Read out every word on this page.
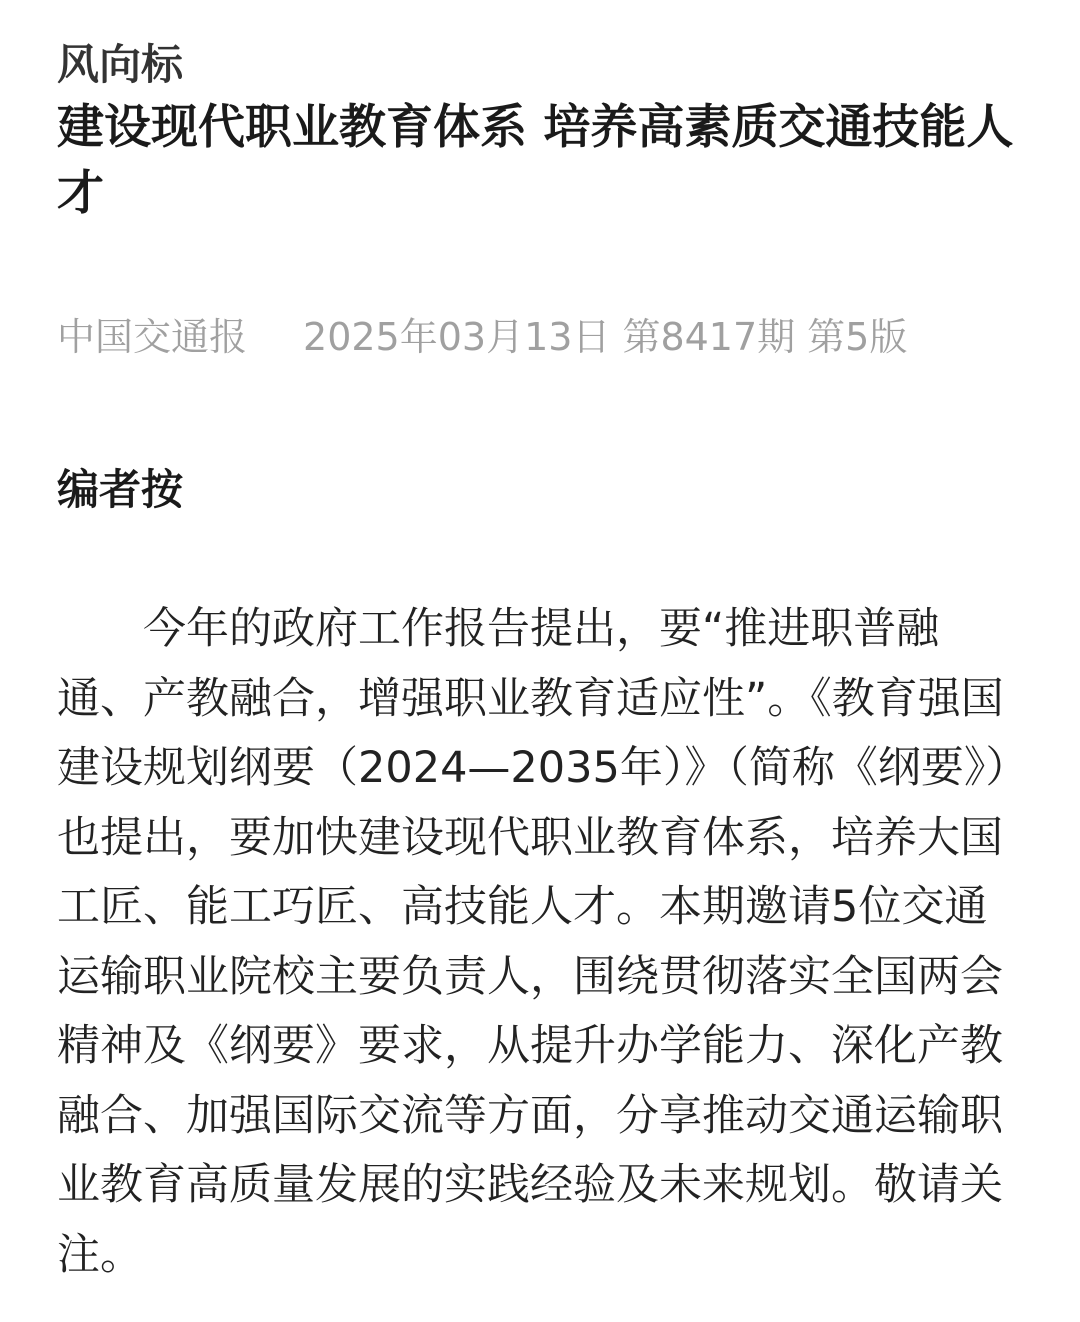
风向标
建设现代职业教育体系 培养高素质交通技能人才
中国交通报 2025年03月13日 第8417期 第5版
编者按

今年的政府工作报告提出，要“推进职普融通、产教融合，增强职业教育适应性”。《教育强国建设规划纲要（2024—2035年）》（简称《纲要》）也提出，要加快建设现代职业教育体系，培养大国工匠、能工巧匠、高技能人才。本期邀请5位交通运输职业院校主要负责人，围绕贯彻落实全国两会精神及《纲要》要求，从提升办学能力、深化产教融合、加强国际交流等方面，分享推动交通运输职业教育高质量发展的实践经验及未来规划。敬请关注。
